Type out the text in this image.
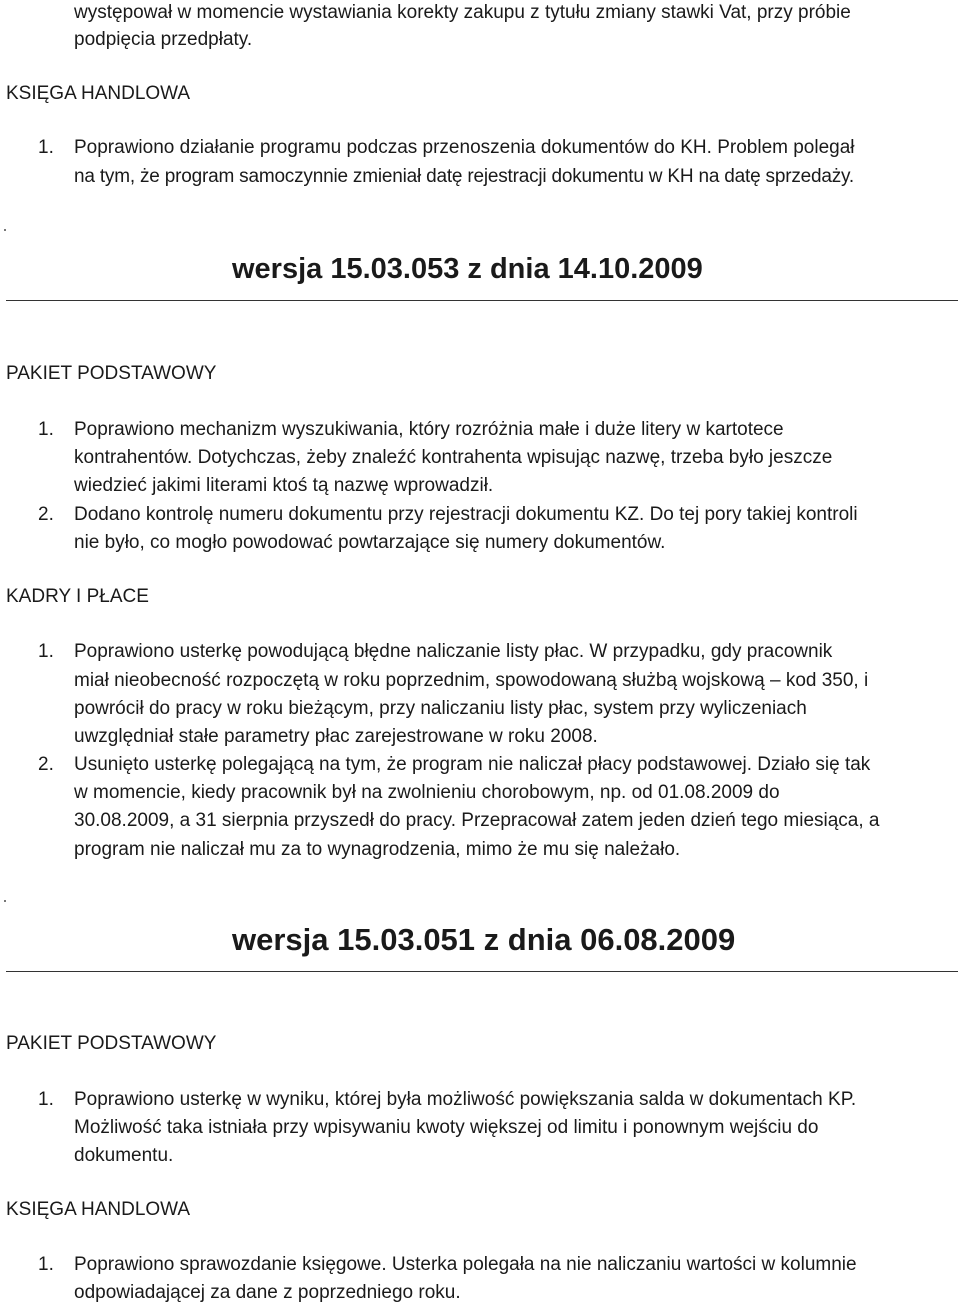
występował w momencie wystawiania korekty zakupu z tytułu zmiany stawki Vat, przy próbie
podpięcia przedpłaty.
KSIĘGA HANDLOWA
1. Poprawiono działanie programu podczas przenoszenia dokumentów do KH. Problem polegał
na tym, że program samoczynnie zmieniał datę rejestracji dokumentu w KH na datę sprzedaży.
wersja 15.03.053 z dnia 14.10.2009
PAKIET PODSTAWOWY
1. Poprawiono mechanizm wyszukiwania, który rozróżnia małe i duże litery w kartotece
kontrahentów. Dotychczas, żeby znaleźć kontrahenta wpisując nazwę, trzeba było jeszcze
wiedzieć jakimi literami ktoś tą nazwę wprowadził.
2. Dodano kontrolę numeru dokumentu przy rejestracji dokumentu KZ. Do tej pory takiej kontroli
nie było, co mogło powodować powtarzające się numery dokumentów.
KADRY I PŁACE
1. Poprawiono usterkę powodującą błędne naliczanie listy płac. W przypadku, gdy pracownik
miał nieobecność rozpoczętą w roku poprzednim, spowodowaną służbą wojskową – kod 350, i
powrócił do pracy w roku bieżącym, przy naliczaniu listy płac, system przy wyliczeniach
uwzględniał stałe parametry płac zarejestrowane w roku 2008.
2. Usunięto usterkę polegającą na tym, że program nie naliczał płacy podstawowej. Działo się tak
w momencie, kiedy pracownik był na zwolnieniu chorobowym, np. od 01.08.2009 do
30.08.2009, a 31 sierpnia przyszedł do pracy. Przepracował zatem jeden dzień tego miesiąca, a
program nie naliczał mu za to wynagrodzenia, mimo że mu się należało.
wersja 15.03.051 z dnia 06.08.2009
PAKIET PODSTAWOWY
1. Poprawiono usterkę w wyniku, której była możliwość powiększania salda w dokumentach KP.
Możliwość taka istniała przy wpisywaniu kwoty większej od limitu i ponownym wejściu do
dokumentu.
KSIĘGA HANDLOWA
1. Poprawiono sprawozdanie księgowe. Usterka polegała na nie naliczaniu wartości w kolumnie
odpowiadającej za dane z poprzedniego roku.
